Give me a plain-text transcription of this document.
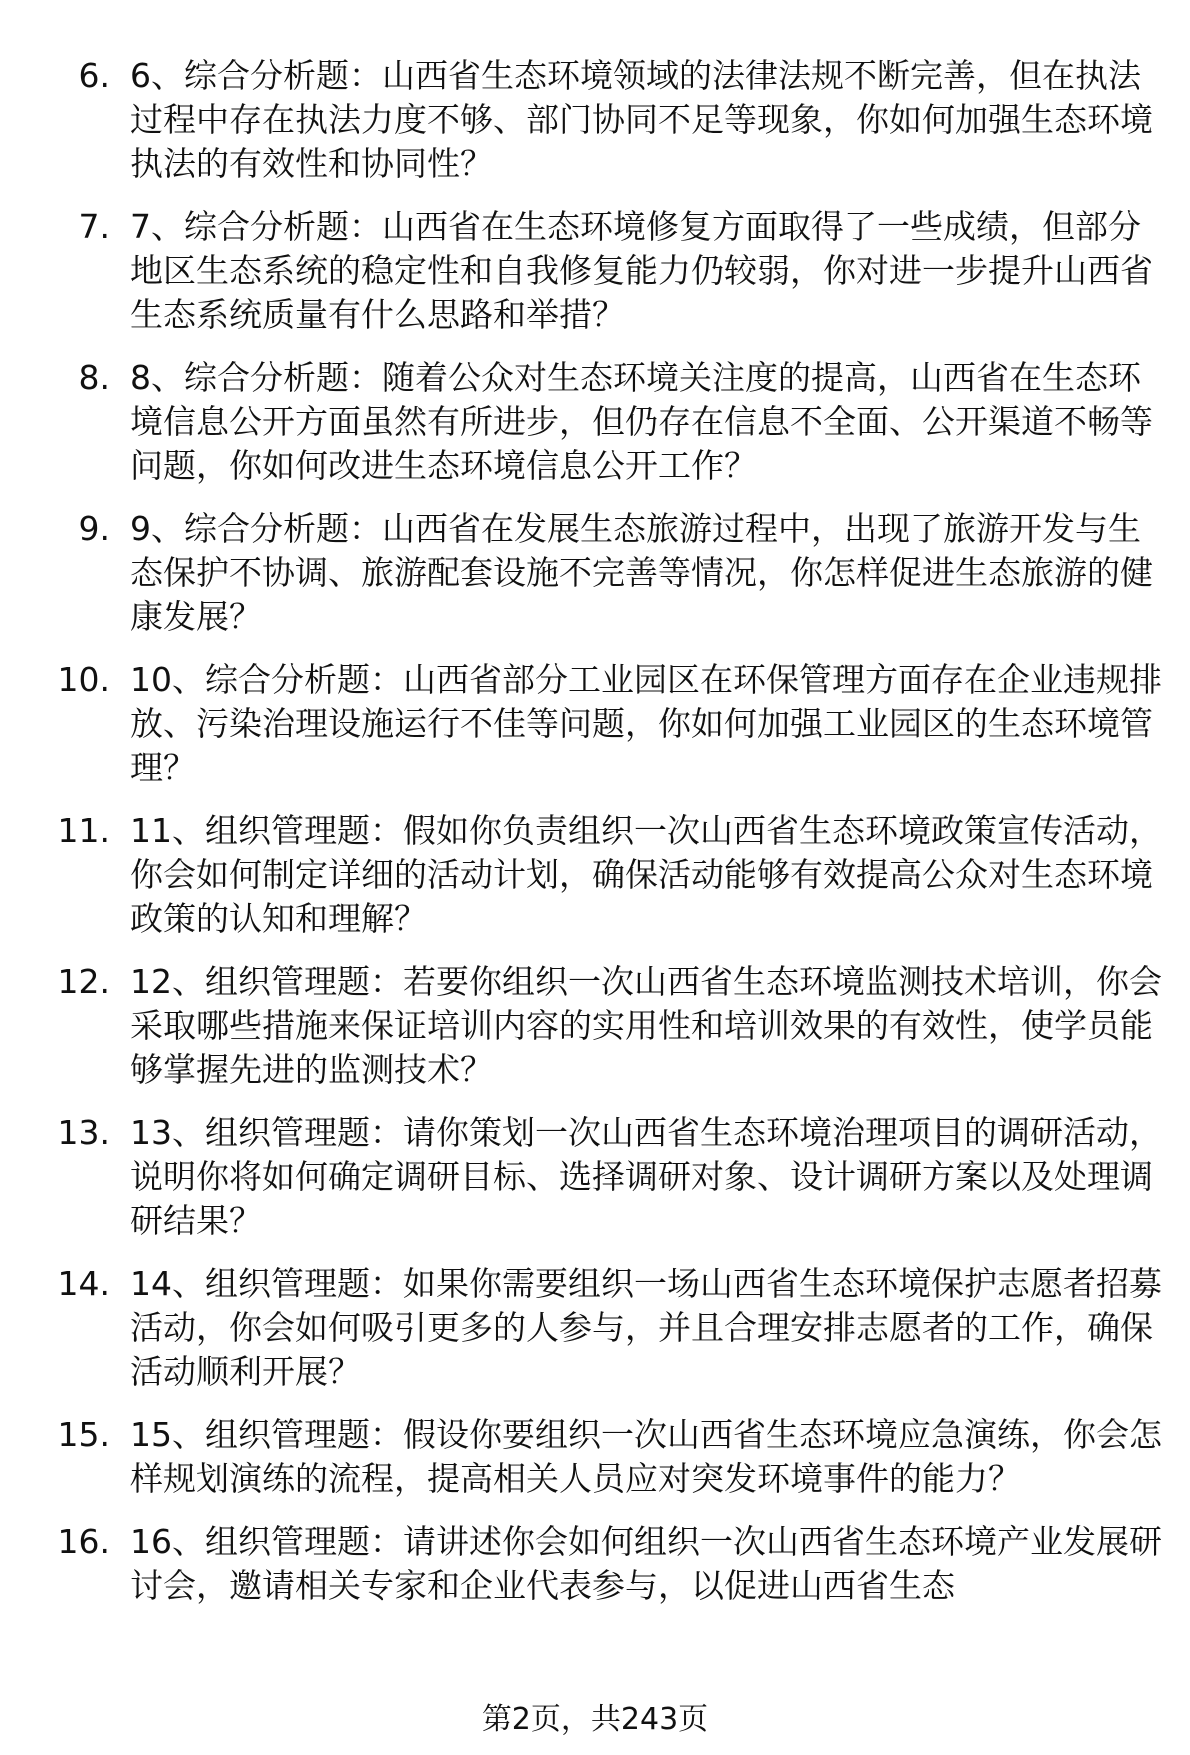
6. 6、综合分析题：山西省生态环境领域的法律法规不断完善，但在执法过程中存在执法力度不够、部门协同不足等现象，你如何加强生态环境执法的有效性和协同性？
7. 7、综合分析题：山西省在生态环境修复方面取得了一些成绩，但部分地区生态系统的稳定性和自我修复能力仍较弱，你对进一步提升山西省生态系统质量有什么思路和举措？
8. 8、综合分析题：随着公众对生态环境关注度的提高，山西省在生态环境信息公开方面虽然有所进步，但仍存在信息不全面、公开渠道不畅等问题，你如何改进生态环境信息公开工作？
9. 9、综合分析题：山西省在发展生态旅游过程中，出现了旅游开发与生态保护不协调、旅游配套设施不完善等情况，你怎样促进生态旅游的健康发展？
10. 10、综合分析题：山西省部分工业园区在环保管理方面存在企业违规排放、污染治理设施运行不佳等问题，你如何加强工业园区的生态环境管理？
11. 11、组织管理题：假如你负责组织一次山西省生态环境政策宣传活动，你会如何制定详细的活动计划，确保活动能够有效提高公众对生态环境政策的认知和理解？
12. 12、组织管理题：若要你组织一次山西省生态环境监测技术培训，你会采取哪些措施来保证培训内容的实用性和培训效果的有效性，使学员能够掌握先进的监测技术？
13. 13、组织管理题：请你策划一次山西省生态环境治理项目的调研活动，说明你将如何确定调研目标、选择调研对象、设计调研方案以及处理调研结果？
14. 14、组织管理题：如果你需要组织一场山西省生态环境保护志愿者招募活动，你会如何吸引更多的人参与，并且合理安排志愿者的工作，确保活动顺利开展？
15. 15、组织管理题：假设你要组织一次山西省生态环境应急演练，你会怎样规划演练的流程，提高相关人员应对突发环境事件的能力？
16. 16、组织管理题：请讲述你会如何组织一次山西省生态环境产业发展研讨会，邀请相关专家和企业代表参与，以促进山西省生态
第2页，共243页
